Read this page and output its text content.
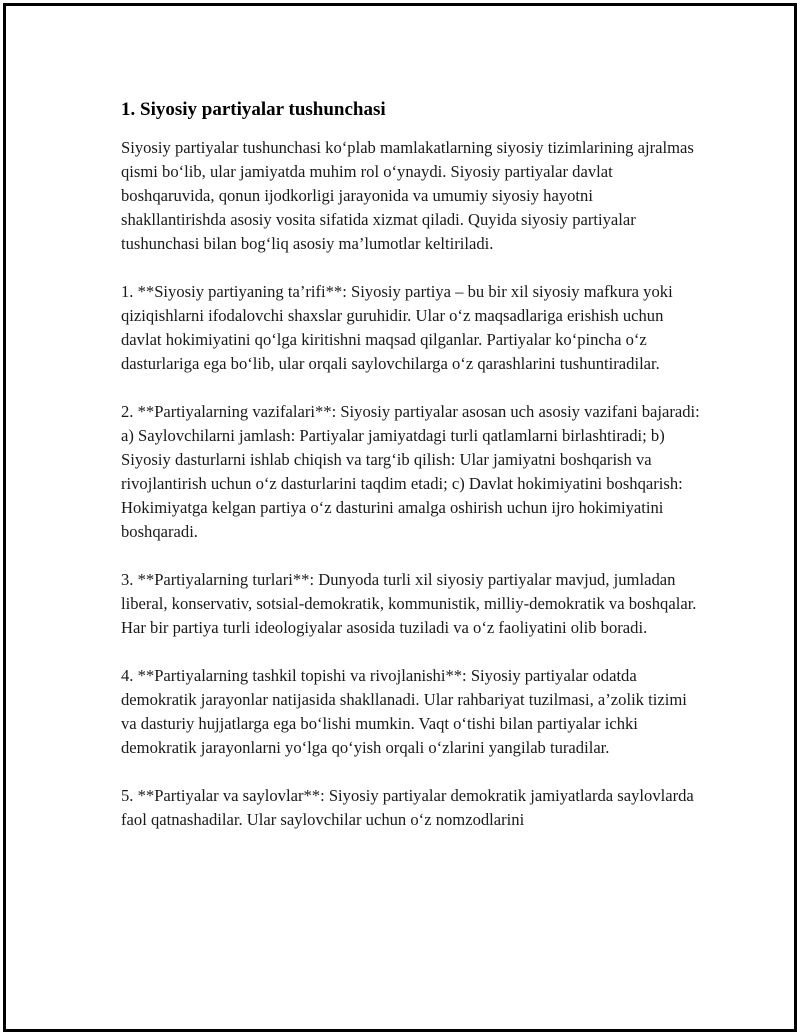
1. Siyosiy partiyalar tushunchasi

Siyosiy partiyalar tushunchasi ko‘plab mamlakatlarning siyosiy tizimlarining ajralmas qismi bo‘lib, ular jamiyatda muhim rol o‘ynaydi. Siyosiy partiyalar davlat boshqaruvida, qonun ijodkorligi jarayonida va umumiy siyosiy hayotni shakllantirishda asosiy vosita sifatida xizmat qiladi. Quyida siyosiy partiyalar tushunchasi bilan bog‘liq asosiy ma’lumotlar keltiriladi.

1. **Siyosiy partiyaning ta’rifi**: Siyosiy partiya – bu bir xil siyosiy mafkura yoki qiziqishlarni ifodalovchi shaxslar guruhidir. Ular o‘z maqsadlariga erishish uchun davlat hokimiyatini qo‘lga kiritishni maqsad qilganlar. Partiyalar ko‘pincha o‘z dasturlariga ega bo‘lib, ular orqali saylovchilarga o‘z qarashlarini tushuntiradilar.

2. **Partiyalarning vazifalari**: Siyosiy partiyalar asosan uch asosiy vazifani bajaradi: a) Saylovchilarni jamlash: Partiyalar jamiyatdagi turli qatlamlarni birlashtiradi; b) Siyosiy dasturlarni ishlab chiqish va targ‘ib qilish: Ular jamiyatni boshqarish va rivojlantirish uchun o‘z dasturlarini taqdim etadi; c) Davlat hokimiyatini boshqarish: Hokimiyatga kelgan partiya o‘z dasturini amalga oshirish uchun ijro hokimiyatini boshqaradi.

3. **Partiyalarning turlari**: Dunyoda turli xil siyosiy partiyalar mavjud, jumladan liberal, konservativ, sotsial-demokratik, kommunistik, milliy-demokratik va boshqalar. Har bir partiya turli ideologiyalar asosida tuziladi va o‘z faoliyatini olib boradi.

4. **Partiyalarning tashkil topishi va rivojlanishi**: Siyosiy partiyalar odatda demokratik jarayonlar natijasida shakllanadi. Ular rahbariyat tuzilmasi, a’zolik tizimi va dasturiy hujjatlarga ega bo‘lishi mumkin. Vaqt o‘tishi bilan partiyalar ichki demokratik jarayonlarni yo‘lga qo‘yish orqali o‘zlarini yangilab turadilar.

5. **Partiyalar va saylovlar**: Siyosiy partiyalar demokratik jamiyatlarda saylovlarda faol qatnashadilar. Ular saylovchilar uchun o‘z nomzodlarini
